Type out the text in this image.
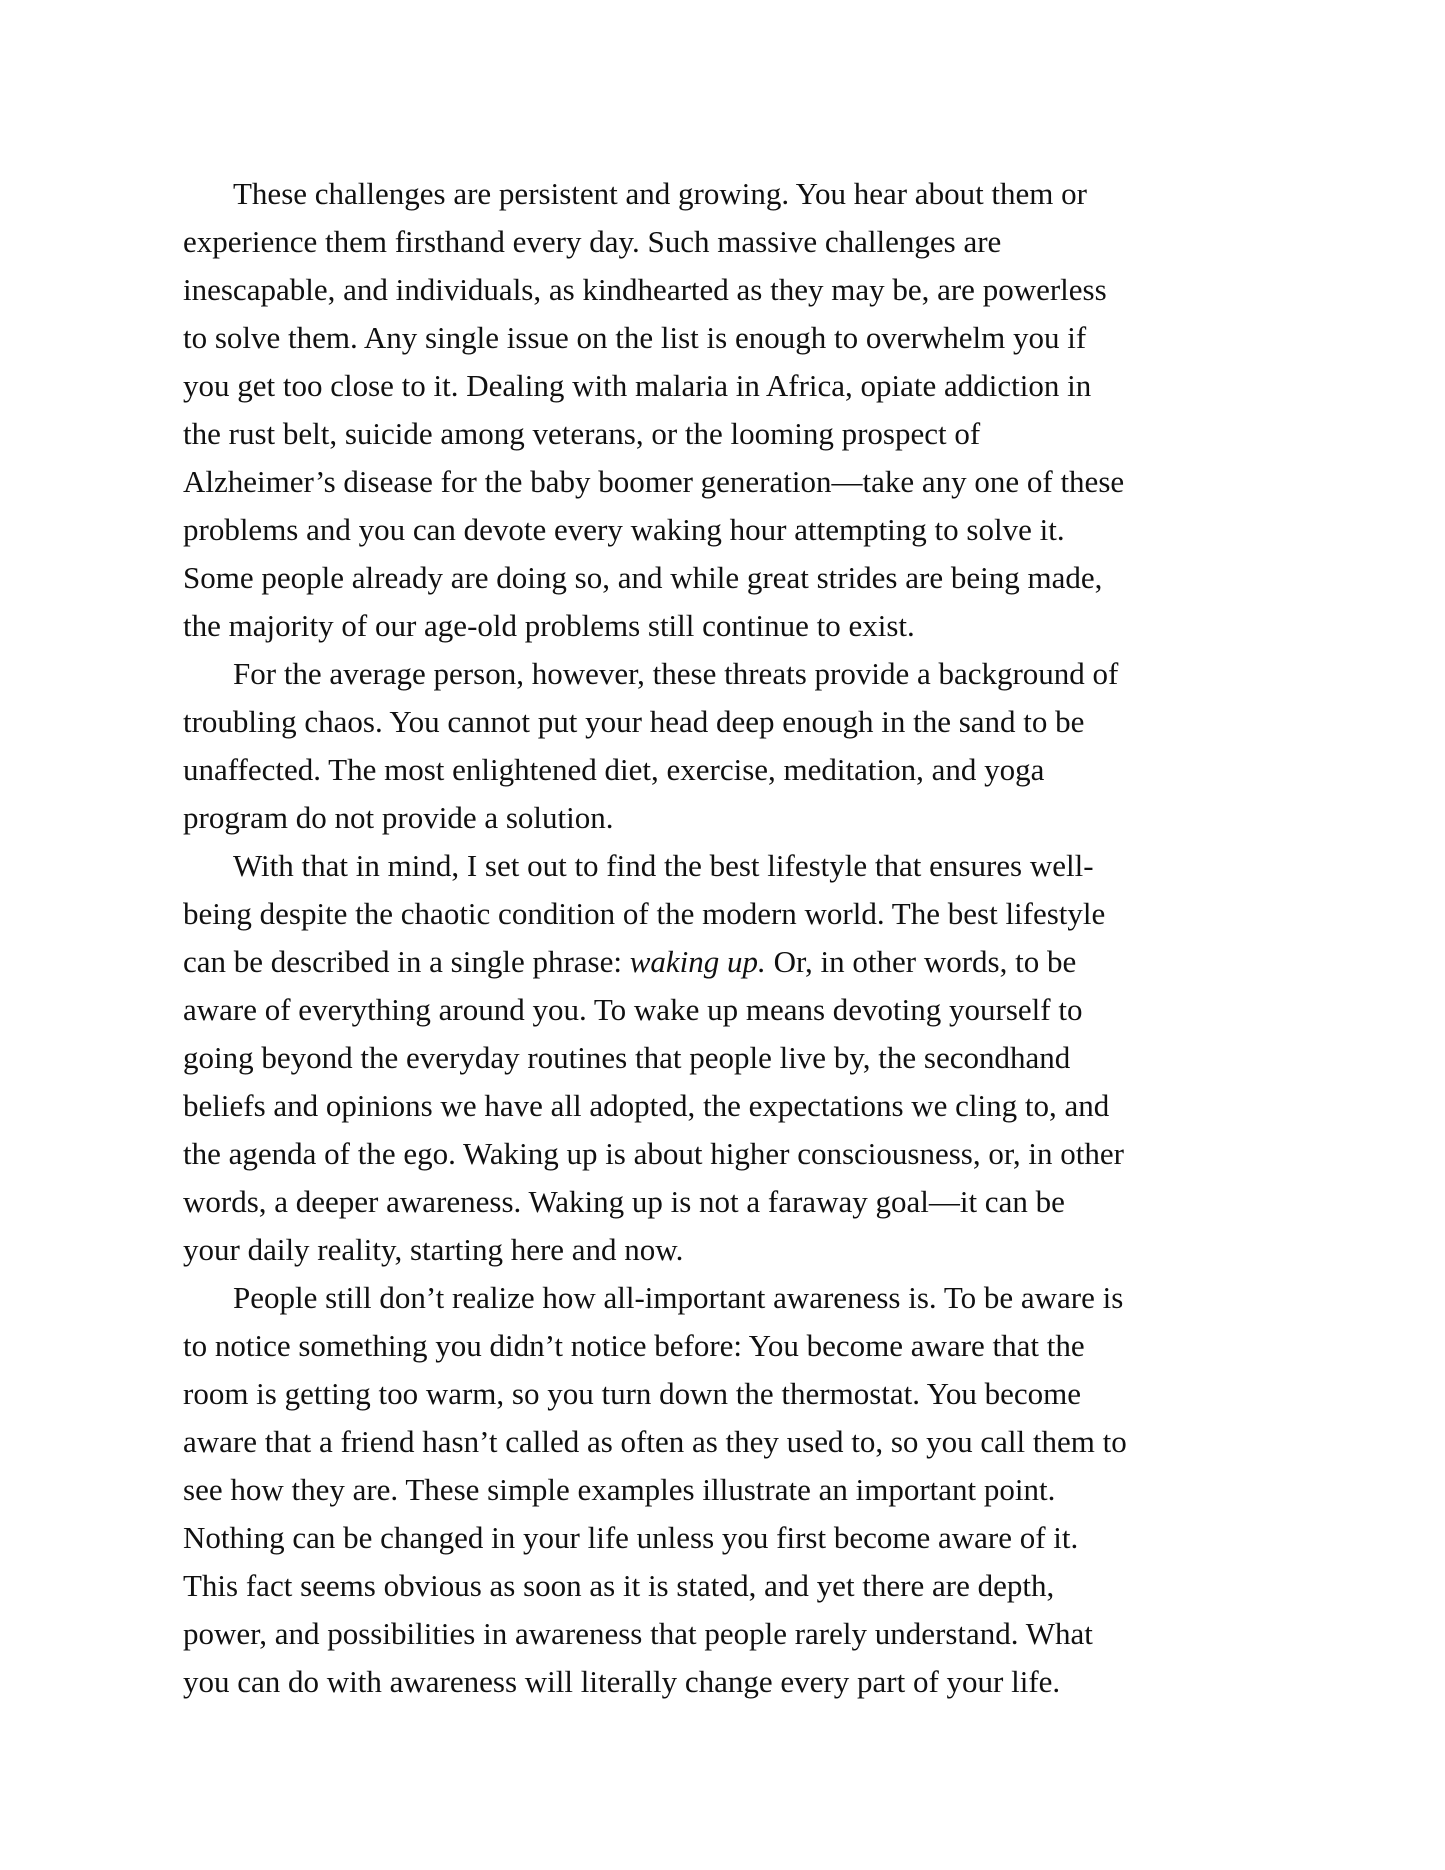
These challenges are persistent and growing. You hear about them or
experience them firsthand every day. Such massive challenges are
inescapable, and individuals, as kindhearted as they may be, are powerless
to solve them. Any single issue on the list is enough to overwhelm you if
you get too close to it. Dealing with malaria in Africa, opiate addiction in
the rust belt, suicide among veterans, or the looming prospect of
Alzheimer’s disease for the baby boomer generation—take any one of these
problems and you can devote every waking hour attempting to solve it.
Some people already are doing so, and while great strides are being made,
the majority of our age-old problems still continue to exist.
For the average person, however, these threats provide a background of
troubling chaos. You cannot put your head deep enough in the sand to be
unaffected. The most enlightened diet, exercise, meditation, and yoga
program do not provide a solution.
With that in mind, I set out to find the best lifestyle that ensures well-
being despite the chaotic condition of the modern world. The best lifestyle
can be described in a single phrase: waking up. Or, in other words, to be
aware of everything around you. To wake up means devoting yourself to
going beyond the everyday routines that people live by, the secondhand
beliefs and opinions we have all adopted, the expectations we cling to, and
the agenda of the ego. Waking up is about higher consciousness, or, in other
words, a deeper awareness. Waking up is not a faraway goal—it can be
your daily reality, starting here and now.
People still don’t realize how all-important awareness is. To be aware is
to notice something you didn’t notice before: You become aware that the
room is getting too warm, so you turn down the thermostat. You become
aware that a friend hasn’t called as often as they used to, so you call them to
see how they are. These simple examples illustrate an important point.
Nothing can be changed in your life unless you first become aware of it.
This fact seems obvious as soon as it is stated, and yet there are depth,
power, and possibilities in awareness that people rarely understand. What
you can do with awareness will literally change every part of your life.
